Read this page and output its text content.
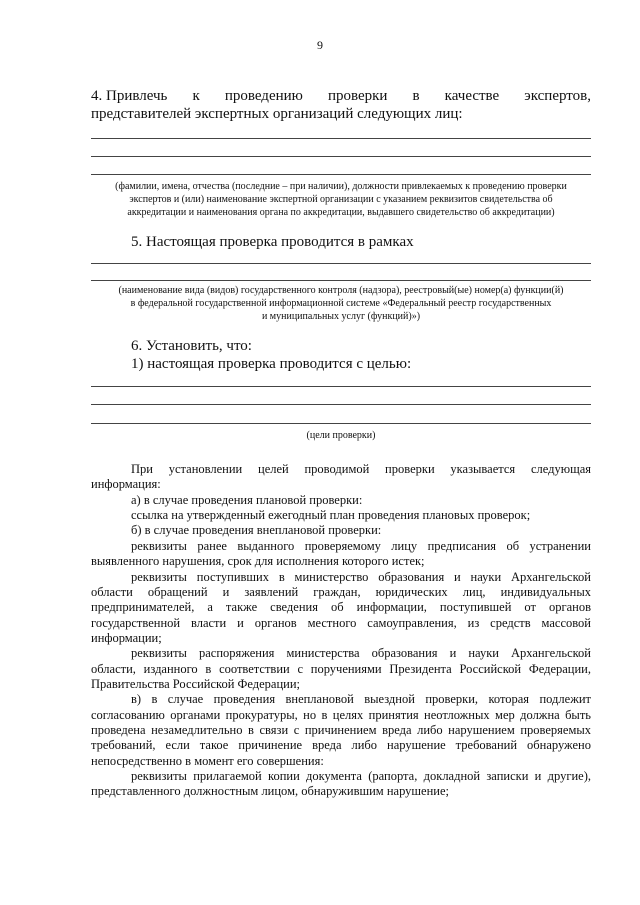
9
4. Привлечь к проведению проверки в качестве экспертов,
представителей экспертных организаций следующих лиц:
(фамилии, имена, отчества (последние – при наличии), должности привлекаемых к проведению проверки
экспертов и (или) наименование экспертной организации с указанием реквизитов свидетельства об
аккредитации и наименования органа по аккредитации, выдавшего свидетельство об аккредитации)
5. Настоящая проверка проводится в рамках
(наименование вида (видов) государственного контроля (надзора), реестровый(ые) номер(а) функции(й)
в федеральной государственной информационной системе «Федеральный реестр государственных
и муниципальных услуг (функций)»)
6. Установить, что:
1) настоящая проверка проводится с целью:
(цели проверки)
При установлении целей проводимой проверки указывается следующая
информация:
а) в случае проведения плановой проверки:
ссылка на утвержденный ежегодный план проведения плановых проверок;
б) в случае проведения внеплановой проверки:
реквизиты ранее выданного проверяемому лицу предписания об устранении
выявленного нарушения, срок для исполнения которого истек;
реквизиты поступивших в министерство образования и науки Архангельской
области обращений и заявлений граждан, юридических лиц, индивидуальных
предпринимателей, а также сведения об информации, поступившей от органов
государственной власти и органов местного самоуправления, из средств массовой
информации;
реквизиты распоряжения министерства образования и науки Архангельской
области, изданного в соответствии с поручениями Президента Российской Федерации,
Правительства Российской Федерации;
в) в случае проведения внеплановой выездной проверки, которая подлежит
согласованию органами прокуратуры, но в целях принятия неотложных мер должна быть
проведена незамедлительно в связи с причинением вреда либо нарушением проверяемых
требований, если такое причинение вреда либо нарушение требований обнаружено
непосредственно в момент его совершения:
реквизиты прилагаемой копии документа (рапорта, докладной записки и другие),
представленного должностным лицом, обнаружившим нарушение;
